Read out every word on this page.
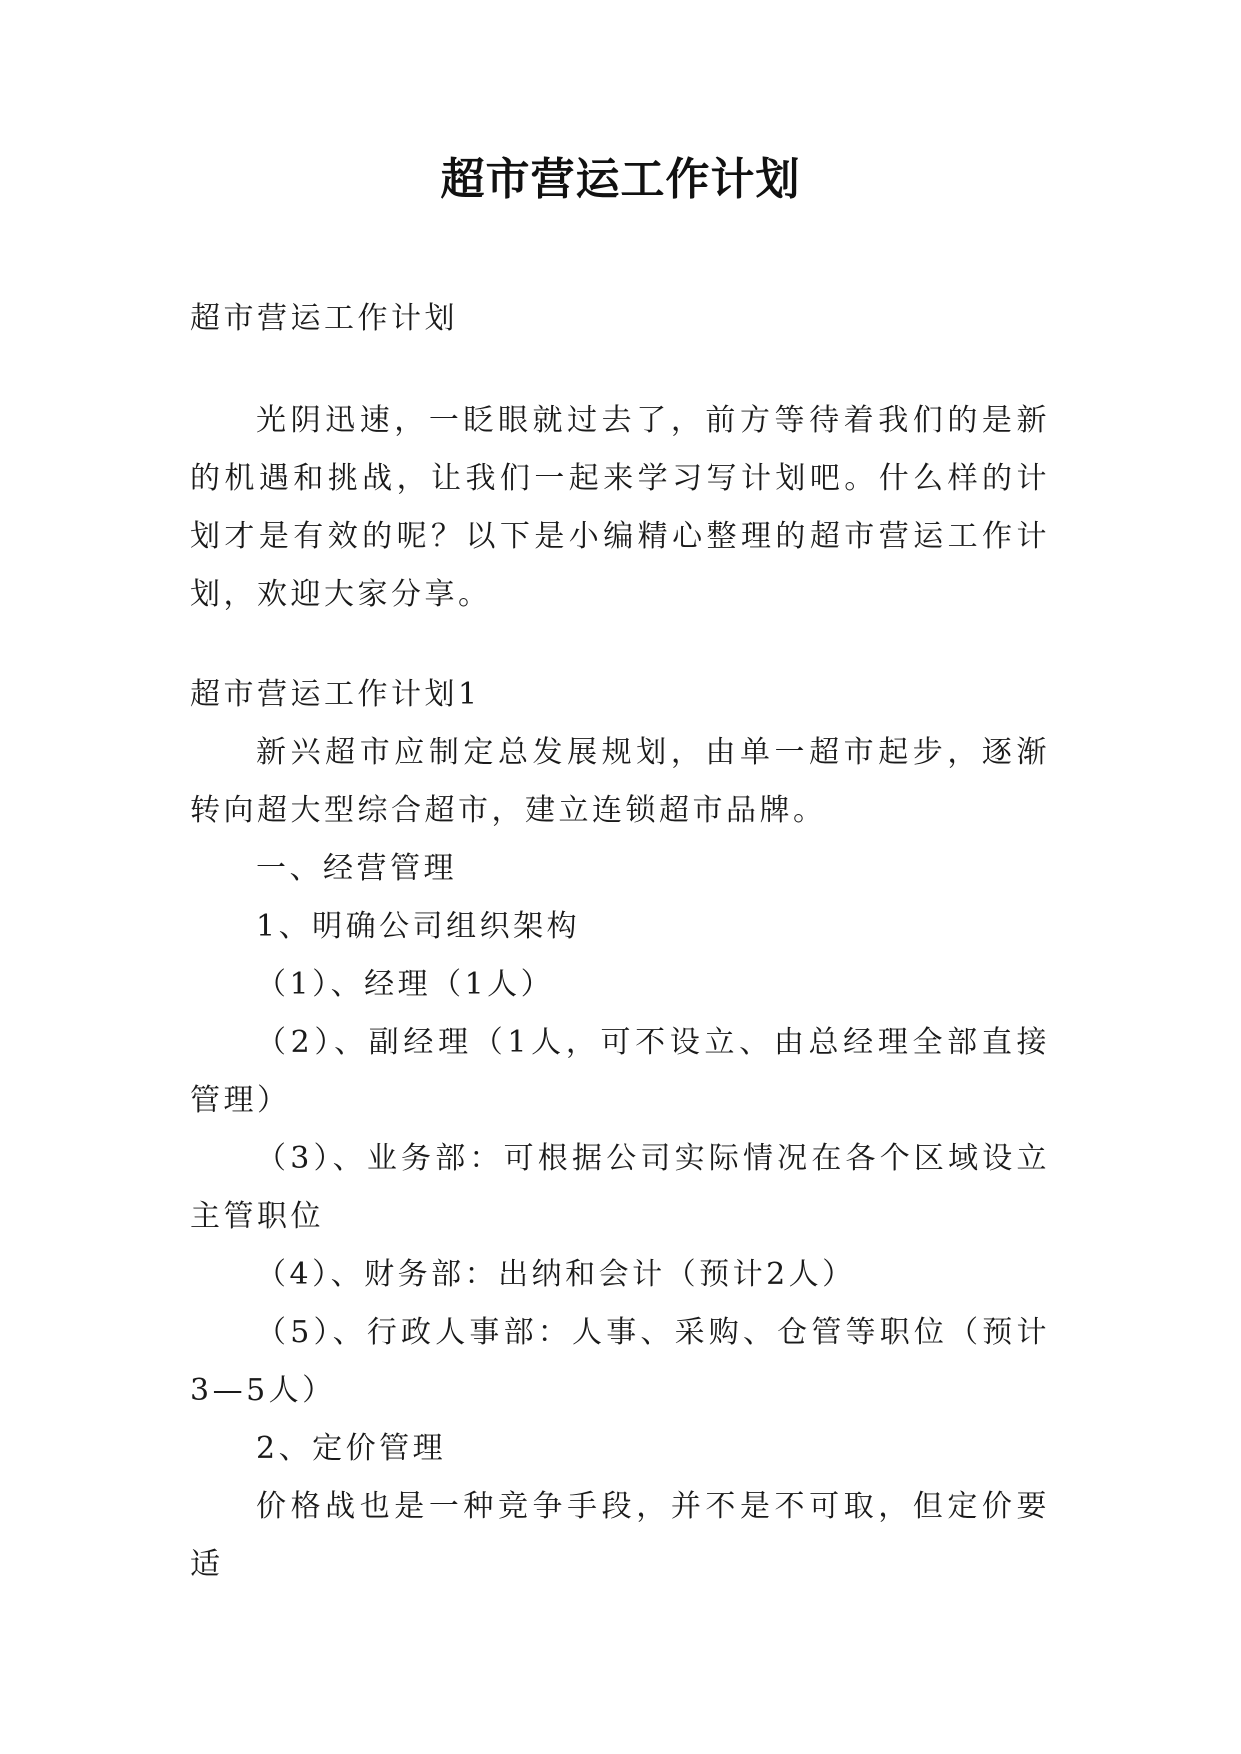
超市营运工作计划

超市营运工作计划

光阴迅速，一眨眼就过去了，前方等待着我们的是新的机遇和挑战，让我们一起来学习写计划吧。什么样的计划才是有效的呢？以下是小编精心整理的超市营运工作计划，欢迎大家分享。

超市营运工作计划1

新兴超市应制定总发展规划，由单一超市起步，逐渐转向超大型综合超市，建立连锁超市品牌。

一、经营管理

1、明确公司组织架构

（1）、经理（1人）

（2）、副经理（1人，可不设立、由总经理全部直接管理）

（3）、业务部：可根据公司实际情况在各个区域设立主管职位

（4）、财务部：出纳和会计（预计2人）

（5）、行政人事部：人事、采购、仓管等职位（预计3—5人）

2、定价管理

价格战也是一种竞争手段，并不是不可取，但定价要适
